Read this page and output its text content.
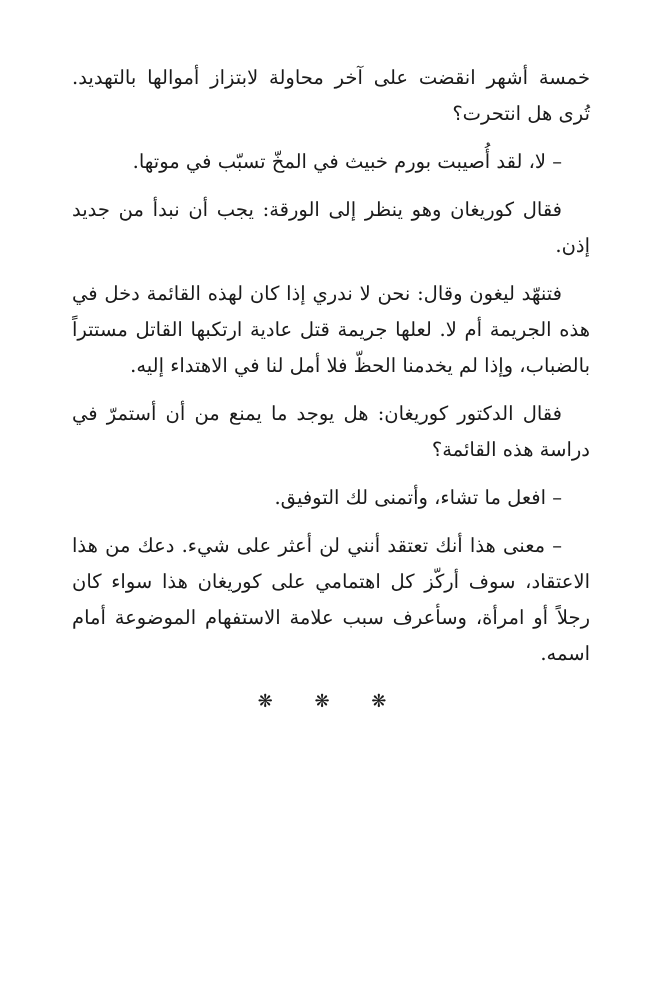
خمسة أشهر انقضت على آخر محاولة لابتزاز أموالها بالتهديد. تُرى هل انتحرت؟

– لا، لقد أُصيبت بورم خبيث في المخّ تسبّب في موتها.

فقال كوريغان وهو ينظر إلى الورقة: يجب أن نبدأ من جديد إذن.

فتنهّد ليغون وقال: نحن لا ندري إذا كان لهذه القائمة دخل في هذه الجريمة أم لا. لعلها جريمة قتل عادية ارتكبها القاتل مستتراً بالضباب، وإذا لم يخدمنا الحظّ فلا أمل لنا في الاهتداء إليه.

فقال الدكتور كوريغان: هل يوجد ما يمنع من أن أستمرّ في دراسة هذه القائمة؟

– افعل ما تشاء، وأتمنى لك التوفيق.

– معنى هذا أنك تعتقد أنني لن أعثر على شيء. دعك من هذا الاعتقاد، سوف أركّز كل اهتمامي على كوريغان هذا سواء كان رجلاً أو امرأة، وسأعرف سبب علامة الاستفهام الموضوعة أمام اسمه.

❋ ❋ ❋
